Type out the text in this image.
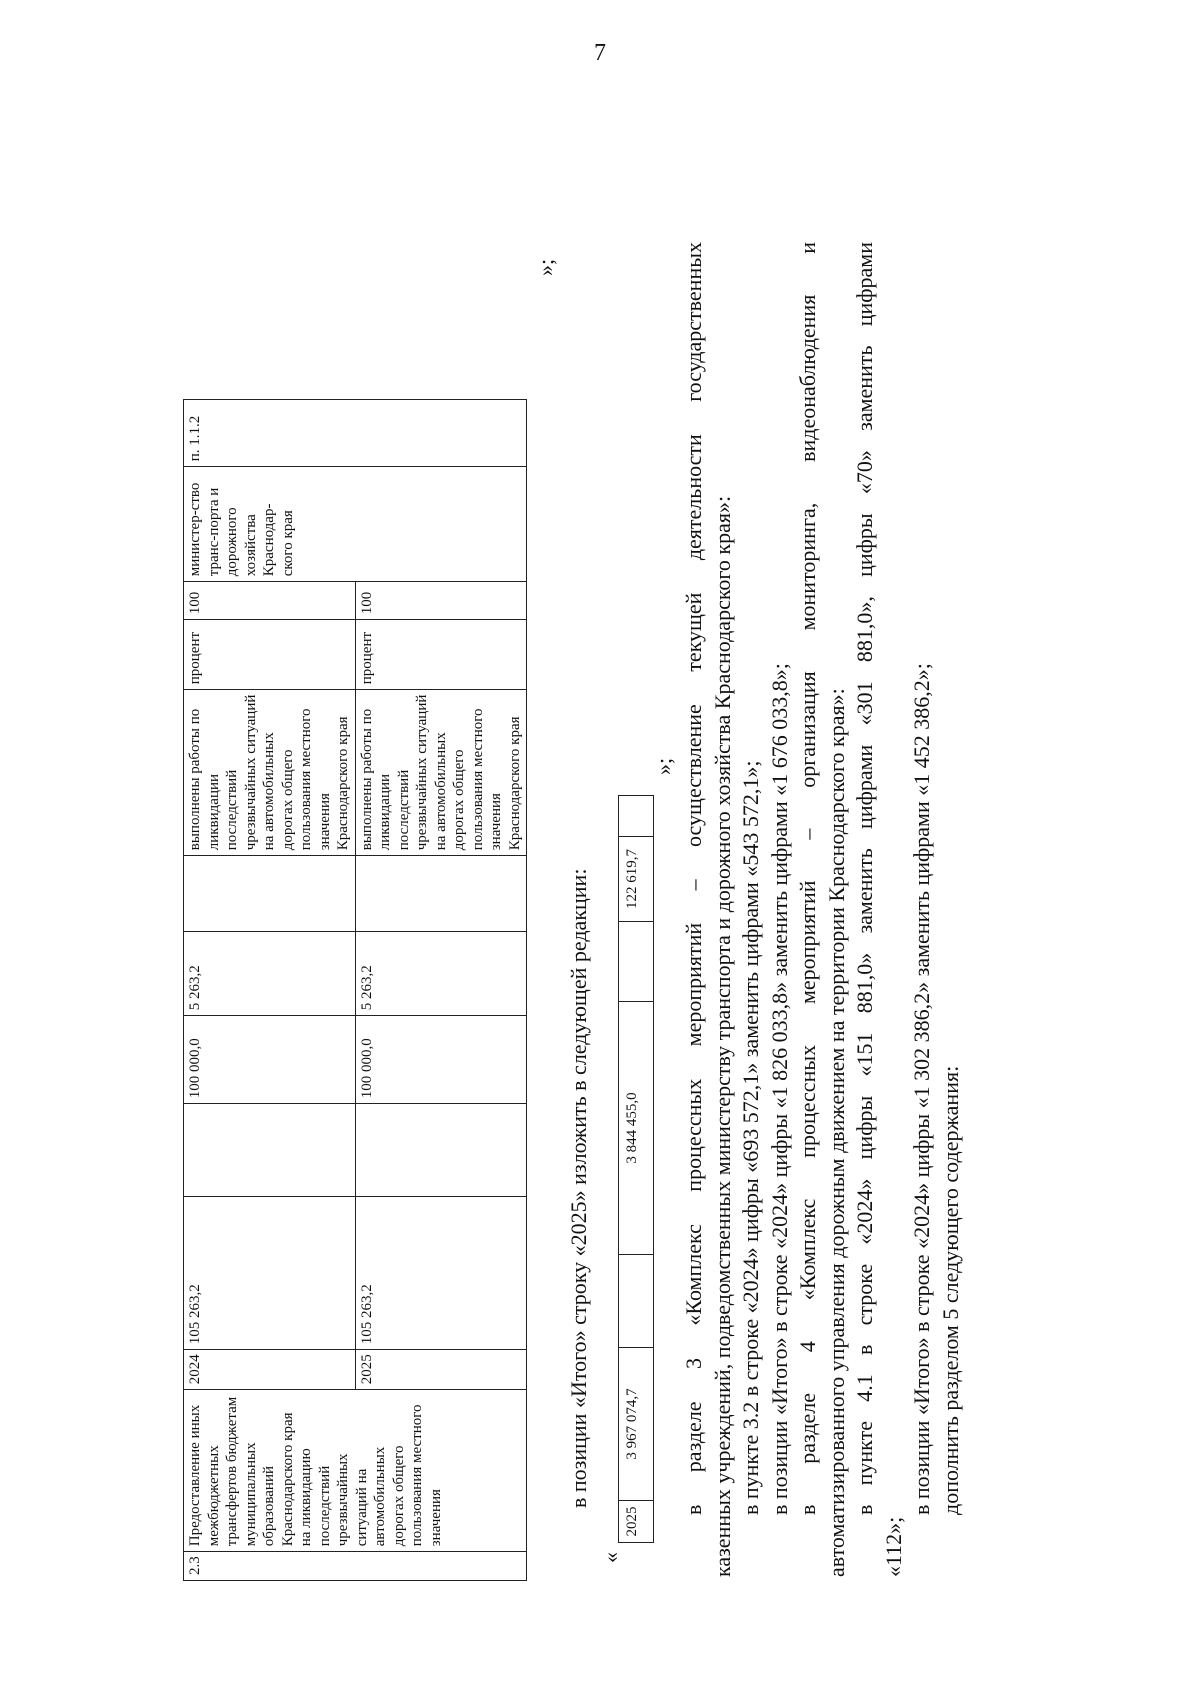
7
2.3	Предоставление иных межбюджетных трансфертов бюджетам муниципальных образований Краснодарского края на ликвидацию последствий чрезвычайных ситуаций на автомобильных дорогах общего пользования местного значения	2024	105 263,2		100 000,0	5 263,2		выполнены работы по ликвидации последствий чрезвычайных ситуаций на автомобильных дорогах общего пользования местного значения Краснодарского края	процент	100	министер-ство транс-порта и дорожного хозяйства Краснодар-ского края	п. 1.1.2
		2025	105 263,2		100 000,0	5 263,2		выполнены работы по ликвидации последствий чрезвычайных ситуаций на автомобильных дорогах общего пользования местного значения Краснодарского края	процент	100		
»;
в позиции «Итого» строку «2025» изложить в следующей редакции:
«
2025	3 967 074,7		3 844 455,0		122 619,7	
»; в разделе 3 «Комплекс процессных мероприятий – осуществление текущей деятельности государственных казенных учреждений, подведомственных министерству транспорта и дорожного хозяйства Краснодарского края»: в пункте 3.2 в строке «2024» цифры «693 572,1» заменить цифрами «543 572,1»; в позиции «Итого» в строке «2024» цифры «1 826 033,8» заменить цифрами «1 676 033,8»; в разделе 4 «Комплекс процессных мероприятий – организация мониторинга, видеонаблюдения и автоматизированного управления дорожным движением на территории Краснодарского края»: в пункте 4.1 в строке «2024» цифры «151 881,0» заменить цифрами «301 881,0», цифры «70» заменить цифрами

«112»;

в позиции «Итого» в строке «2024» цифры «1 302 386,2» заменить цифрами «1 452 386,2»; дополнить разделом 5 следующего содержания:
